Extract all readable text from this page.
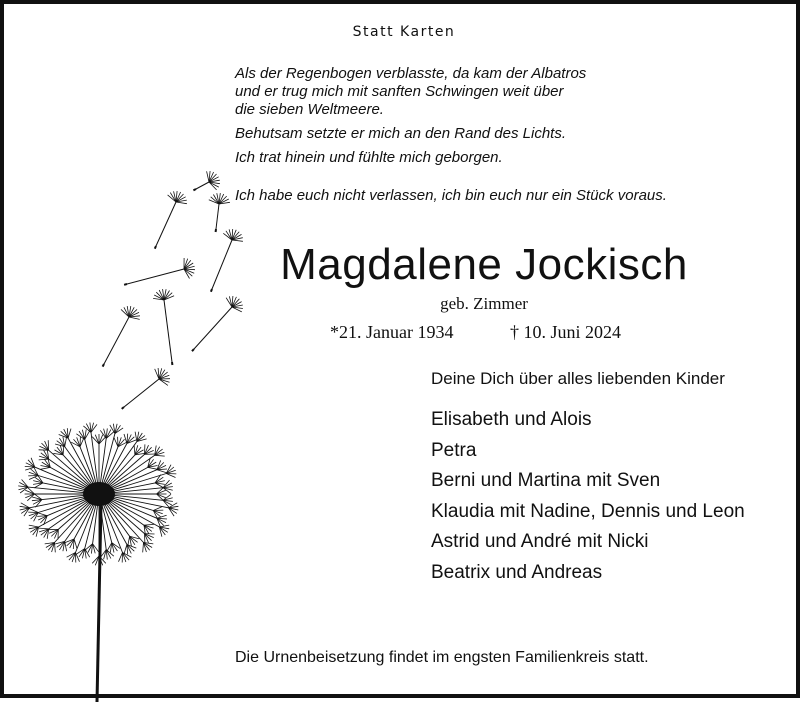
Statt Karten

Als der Regenbogen verblasste, da kam der Albatros

und er trug mich mit sanften Schwingen weit über

die sieben Weltmeere.

Behutsam setzte er mich an den Rand des Lichts.

Ich trat hinein und fühlte mich geborgen.

Ich habe euch nicht verlassen, ich bin euch nur ein Stück voraus.

Magdalene Jockisch
geb. Zimmer
*21. Januar 1934	† 10. Juni 2024
Deine Dich über alles liebenden Kinder
Elisabeth und Alois
Petra
Berni und Martina mit Sven
Klaudia mit Nadine, Dennis und Leon
Astrid und André mit Nicki
Beatrix und Andreas
Die Urnenbeisetzung findet im engsten Familienkreis statt.
